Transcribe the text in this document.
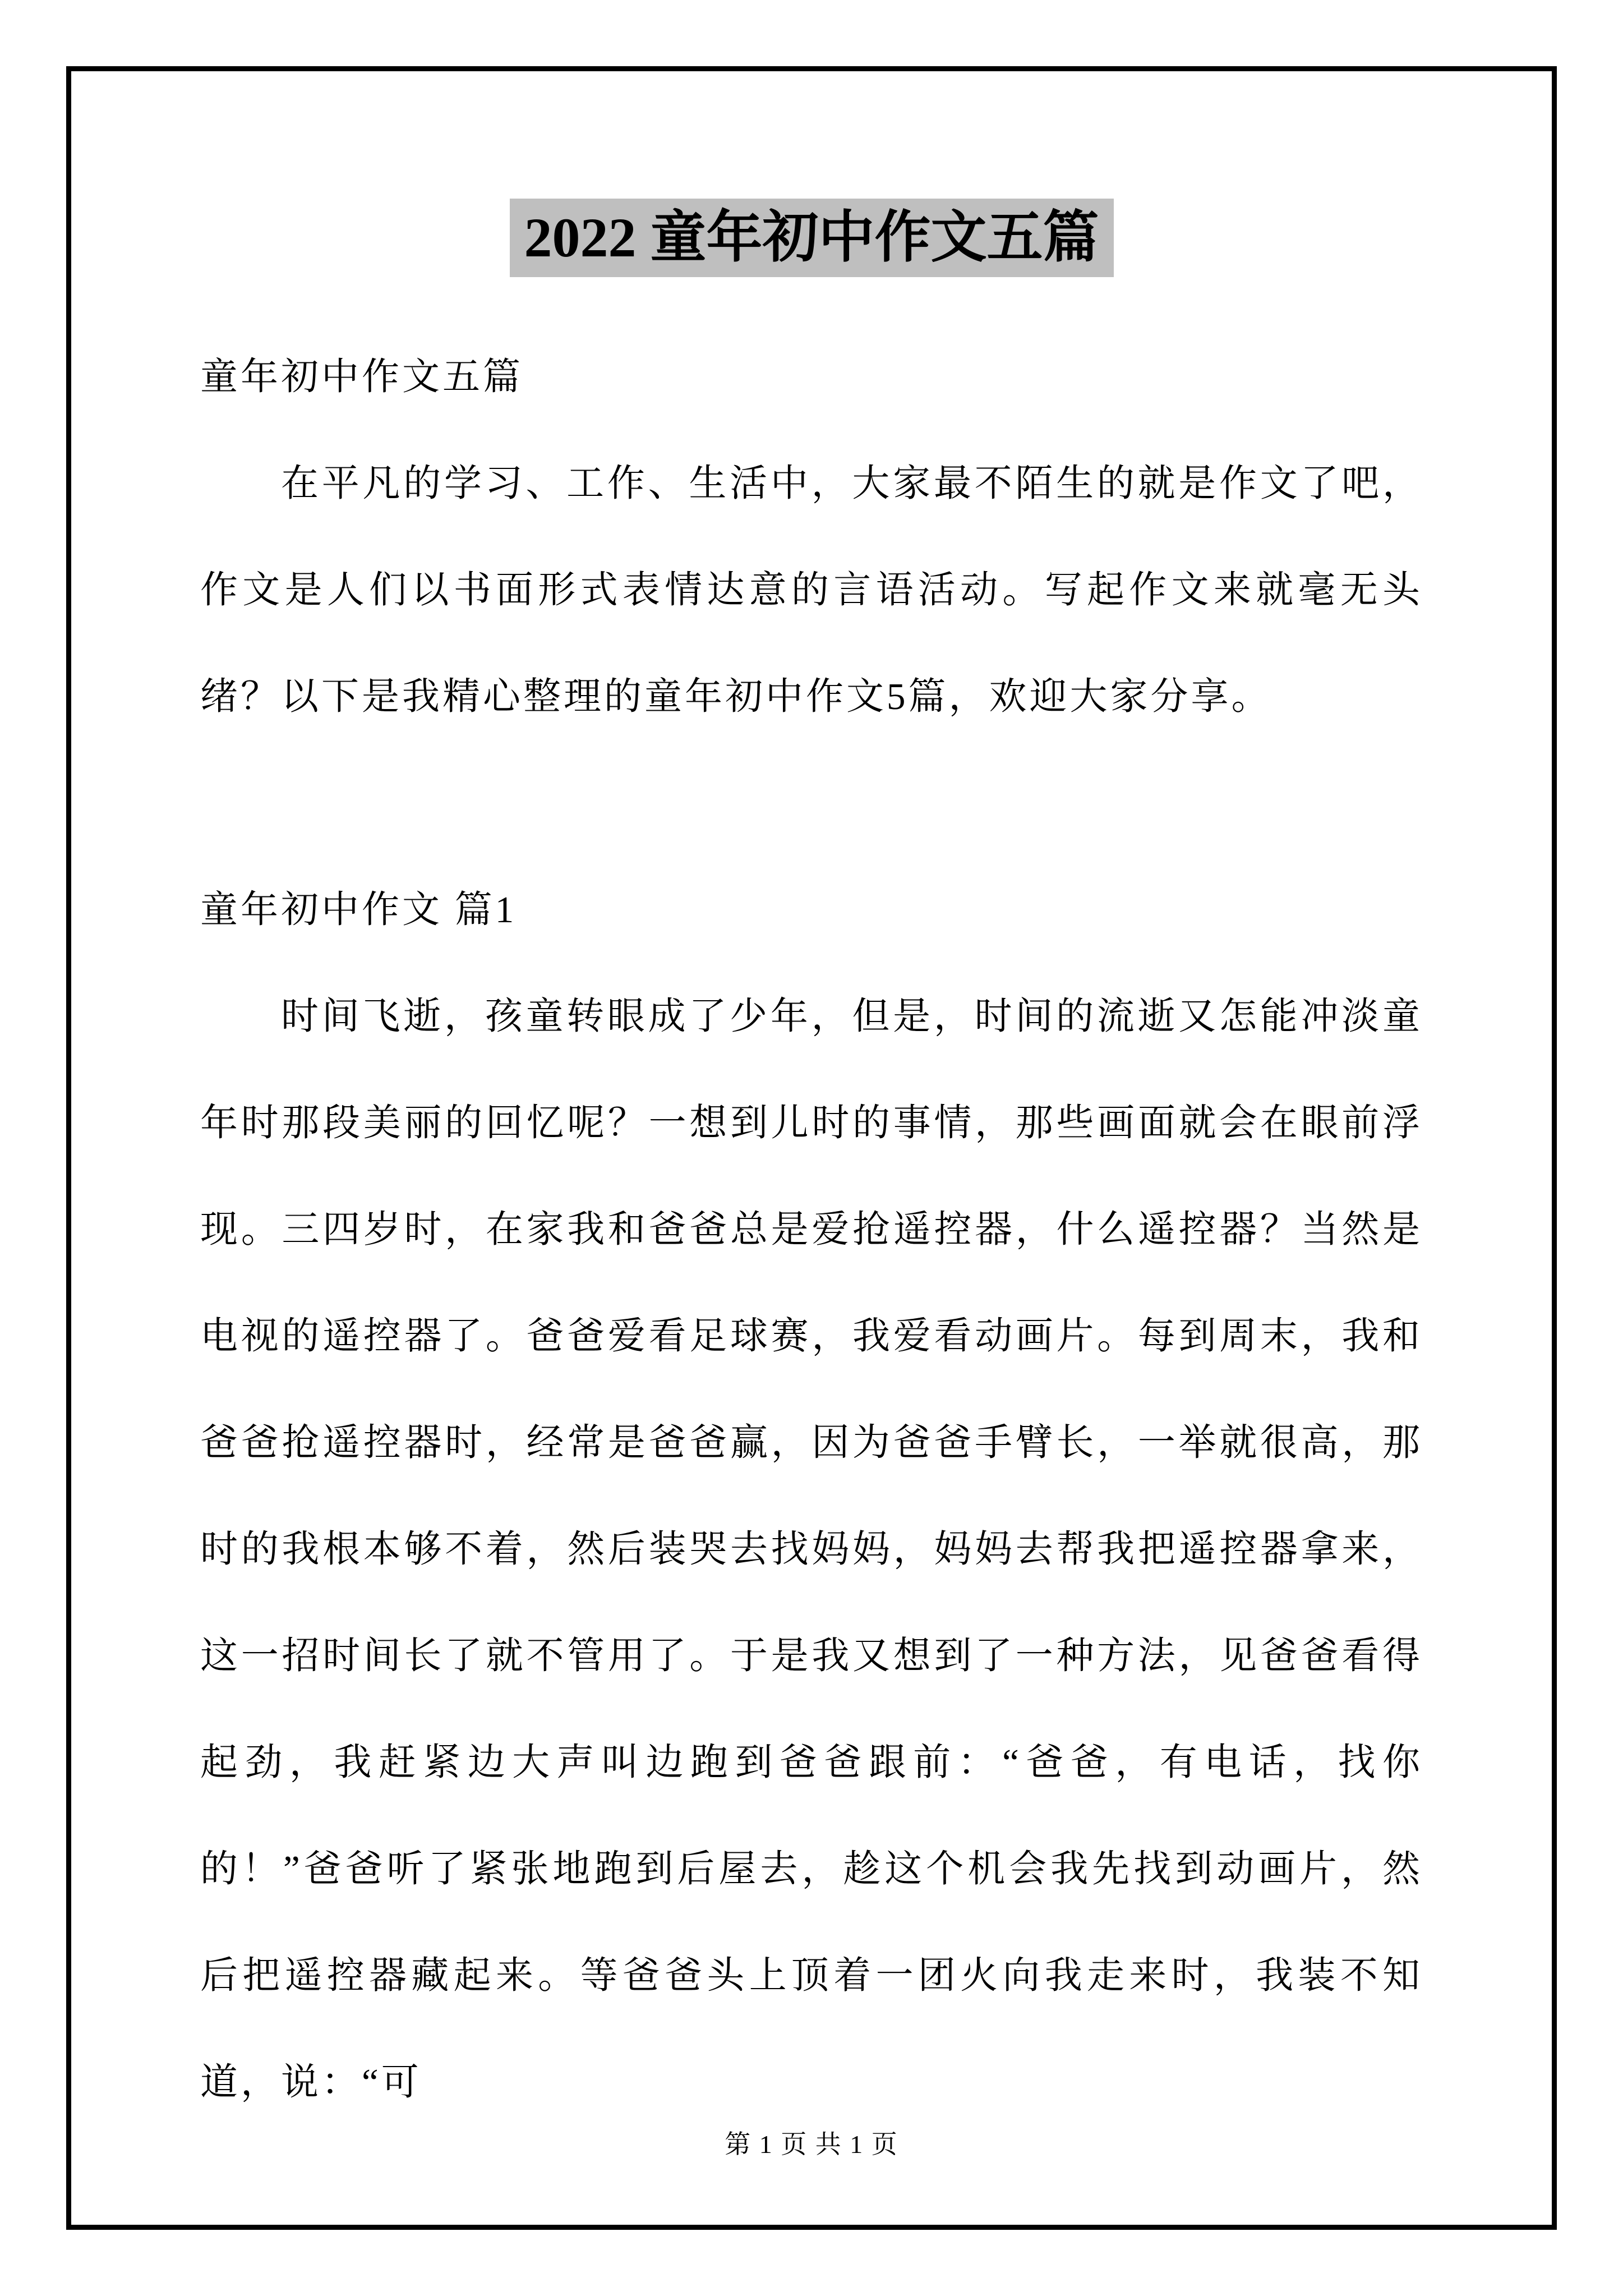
2022 童年初中作文五篇

童年初中作文五篇

在平凡的学习、工作、生活中，大家最不陌生的就是作文了吧，作文是人们以书面形式表情达意的言语活动。写起作文来就毫无头绪？以下是我精心整理的童年初中作文5篇，欢迎大家分享。

童年初中作文 篇1

时间飞逝，孩童转眼成了少年，但是，时间的流逝又怎能冲淡童年时那段美丽的回忆呢？一想到儿时的事情，那些画面就会在眼前浮现。三四岁时，在家我和爸爸总是爱抢遥控器，什么遥控器？当然是电视的遥控器了。爸爸爱看足球赛，我爱看动画片。每到周末，我和爸爸抢遥控器时，经常是爸爸赢，因为爸爸手臂长，一举就很高，那时的我根本够不着，然后装哭去找妈妈，妈妈去帮我把遥控器拿来，这一招时间长了就不管用了。于是我又想到了一种方法，见爸爸看得起劲，我赶紧边大声叫边跑到爸爸跟前：“爸爸，有电话，找你的！”爸爸听了紧张地跑到后屋去，趁这个机会我先找到动画片，然后把遥控器藏起来。等爸爸头上顶着一团火向我走来时，我装不知道，说：“可

第 1 页 共 1 页
